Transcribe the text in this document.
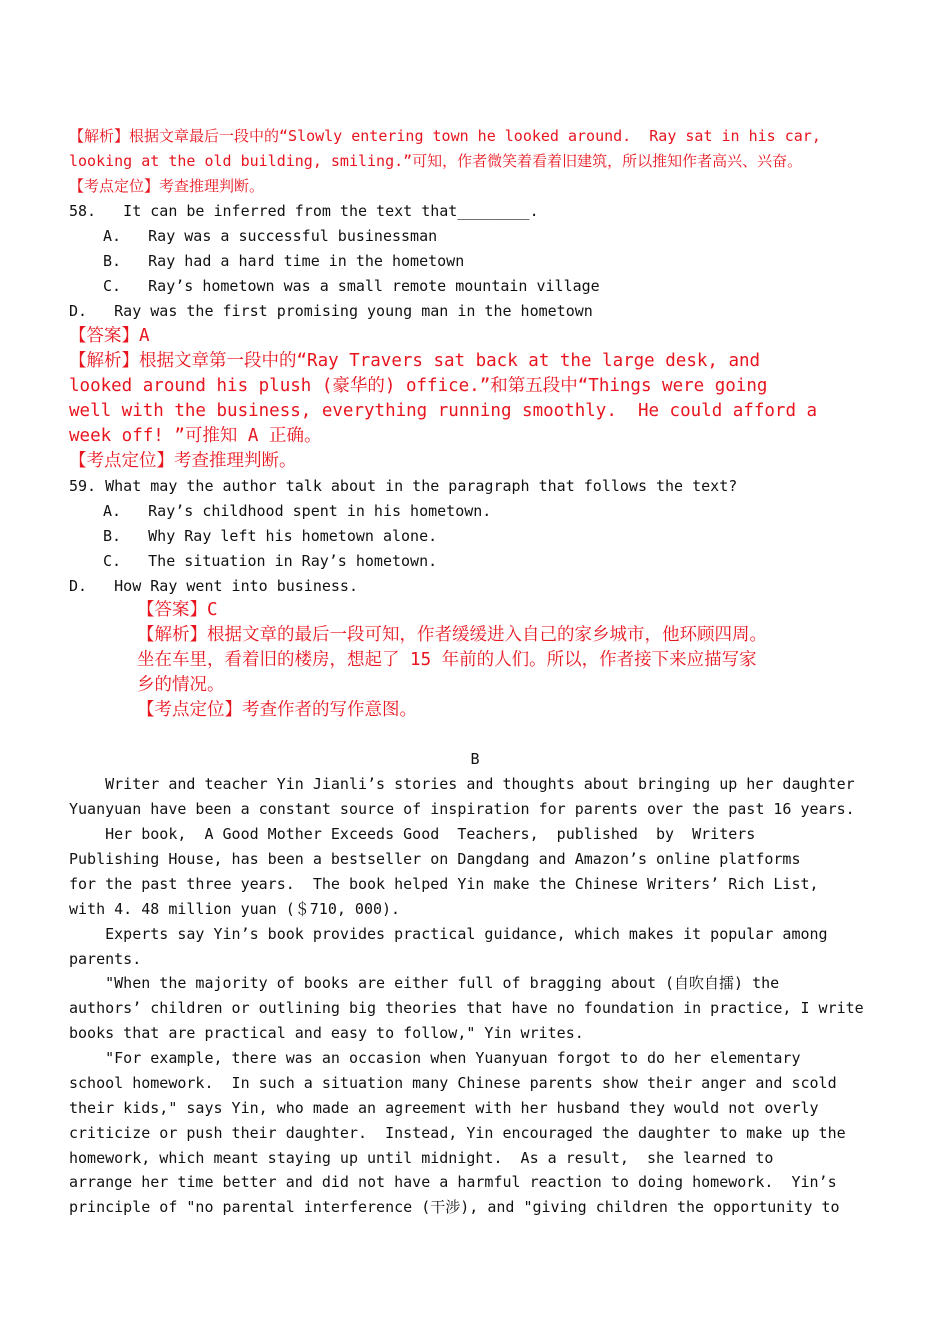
【解析】根据文章最后一段中的“Slowly entering town he looked around.  Ray sat in his car,
looking at the old building, smiling.”可知，作者微笑着看着旧建筑，所以推知作者高兴、兴奋。
【考点定位】考查推理判断。
58.   It can be inferred from the text that________.
A.   Ray was a successful businessman
B.   Ray had a hard time in the hometown
C.   Ray’s hometown was a small remote mountain village
D.   Ray was the first promising young man in the hometown
【答案】A
【解析】根据文章第一段中的“Ray Travers sat back at the large desk, and
looked around his plush (豪华的) office.”和第五段中“Things were going
well with the business, everything running smoothly.  He could afford a
week off! ”可推知 A 正确。
【考点定位】考查推理判断。
59. What may the author talk about in the paragraph that follows the text?
A.   Ray’s childhood spent in his hometown.
B.   Why Ray left his hometown alone.
C.   The situation in Ray’s hometown.
D.   How Ray went into business.
【答案】C
【解析】根据文章的最后一段可知，作者缓缓进入自己的家乡城市，他环顾四周。
坐在车里，看着旧的楼房，想起了 15 年前的人们。所以，作者接下来应描写家
乡的情况。
【考点定位】考查作者的写作意图。
B
Writer and teacher Yin Jianli’s stories and thoughts about bringing up her daughter
Yuanyuan have been a constant source of inspiration for parents over the past 16 years.
Her book,  A Good Mother Exceeds Good  Teachers,  published  by  Writers
Publishing House, has been a bestseller on Dangdang and Amazon’s online platforms
for the past three years.  The book helped Yin make the Chinese Writers’ Rich List,
with 4. 48 million yuan (＄710, 000).
Experts say Yin’s book provides practical guidance, which makes it popular among
parents.
"When the majority of books are either full of bragging about (自吹自擂) the
authors’ children or outlining big theories that have no foundation in practice, I write
books that are practical and easy to follow," Yin writes.
"For example, there was an occasion when Yuanyuan forgot to do her elementary
school homework.  In such a situation many Chinese parents show their anger and scold
their kids," says Yin, who made an agreement with her husband they would not overly
criticize or push their daughter.  Instead, Yin encouraged the daughter to make up the
homework, which meant staying up until midnight.  As a result,  she learned to
arrange her time better and did not have a harmful reaction to doing homework.  Yin’s
principle of "no parental interference (干涉), and "giving children the opportunity to
